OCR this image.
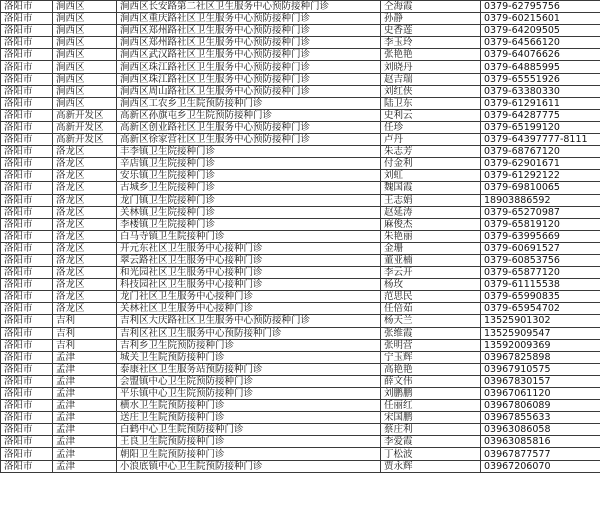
洛阳市	涧西区	涧西区长安路第二社区卫生服务中心预防接种门诊	仝海霞	0379-62795756
洛阳市	涧西区	涧西区重庆路社区卫生服务中心预防接种门诊	孙静	0379-60215601
洛阳市	涧西区	涧西区郑州路社区卫生服务中心预防接种门诊	史香莲	0379-64209505
洛阳市	涧西区	涧西区郑州路社区卫生服务中心预防接种门诊	李玉玲	0379-64566120
洛阳市	涧西区	涧西区武汉路社区卫生服务中心预防接种门诊	张艳艳	0379-64076626
洛阳市	涧西区	涧西区珠江路社区卫生服务中心预防接种门诊	刘晓丹	0379-64885995
洛阳市	涧西区	涧西区珠江路社区卫生服务中心预防接种门诊	赵吉瑞	0379-65551926
洛阳市	涧西区	涧西区周山路社区卫生服务中心预防接种门诊	刘红侠	0379-63380330
洛阳市	涧西区	涧西区工农乡卫生院预防接种门诊	陆卫东	0379-61291611
洛阳市	高新开发区	高新区孙旗屯乡卫生院预防接种门诊	史利云	0379-64287775
洛阳市	高新开发区	高新区创业路社区卫生服务中心预防接种门诊	任珍	0379-65199120
洛阳市	高新开发区	高新区徐家营社区卫生服务中心预防接种门诊	卢丹	0379-64397777-8111
洛阳市	洛龙区	丰李镇卫生院接种门诊	朱志芳	0379-68767120
洛阳市	洛龙区	辛店镇卫生院接种门诊	付金利	0379-62901671
洛阳市	洛龙区	安乐镇卫生院接种门诊	刘虹	0379-61292122
洛阳市	洛龙区	古城乡卫生院接种门诊	魏国霞	0379-69810065
洛阳市	洛龙区	龙门镇卫生院接种门诊	王志娟	18903886592
洛阳市	洛龙区	关林镇卫生院接种门诊	赵延涛	0379-65270987
洛阳市	洛龙区	李楼镇卫生院接种门诊	麻俊杰	0379-65819120
洛阳市	洛龙区	白马寺镇卫生院接种门诊	朱艳丽	0379-63995669
洛阳市	洛龙区	开元东社区卫生服务中心接种门诊	金珊	0379-60691527
洛阳市	洛龙区	翠云路社区卫生服务中心接种门诊	董亚楠	0379-60853756
洛阳市	洛龙区	和光园社区卫生服务中心接种门诊	李云开	0379-65877120
洛阳市	洛龙区	科技园社区卫生服务中心接种门诊	杨玫	0379-61115538
洛阳市	洛龙区	龙门社区卫生服务中心接种门诊	范思民	0379-65990835
洛阳市	洛龙区	关林社区卫生服务中心接种门诊	任倍茹	0379-65954702
洛阳市	吉利	吉利区大庆路社区卫生服务中心预防接种门诊	杨天兰	13525901302
洛阳市	吉利	吉利区社区卫生服务中心预防接种门诊	张维霞	13525909547
洛阳市	吉利	吉利乡卫生院预防接种门诊	张明营	13592009369
洛阳市	孟津	城关卫生院预防接种门诊	宁玉辉	03967825898
洛阳市	孟津	泰康社区卫生服务站预防接种门诊	高艳艳	03967910575
洛阳市	孟津	会盟镇中心卫生院预防接种门诊	薛文伟	03967830157
洛阳市	孟津	平乐镇中心卫生院预防接种门诊	刘鹏鹏	03967061120
洛阳市	孟津	横水卫生院预防接种门诊	任丽红	03967806089
洛阳市	孟津	送庄卫生院预防接种门诊	宋国鹏	03967855633
洛阳市	孟津	白鹤中心卫生院预防接种门诊	蔡庄利	03963086058
洛阳市	孟津	王良卫生院预防接种门诊	李爱霞	03963085816
洛阳市	孟津	朝阳卫生院预防接种门诊	丁松波	03967877577
洛阳市	孟津	小浪底镇中心卫生院预防接种门诊	贾永辉	03967206070
